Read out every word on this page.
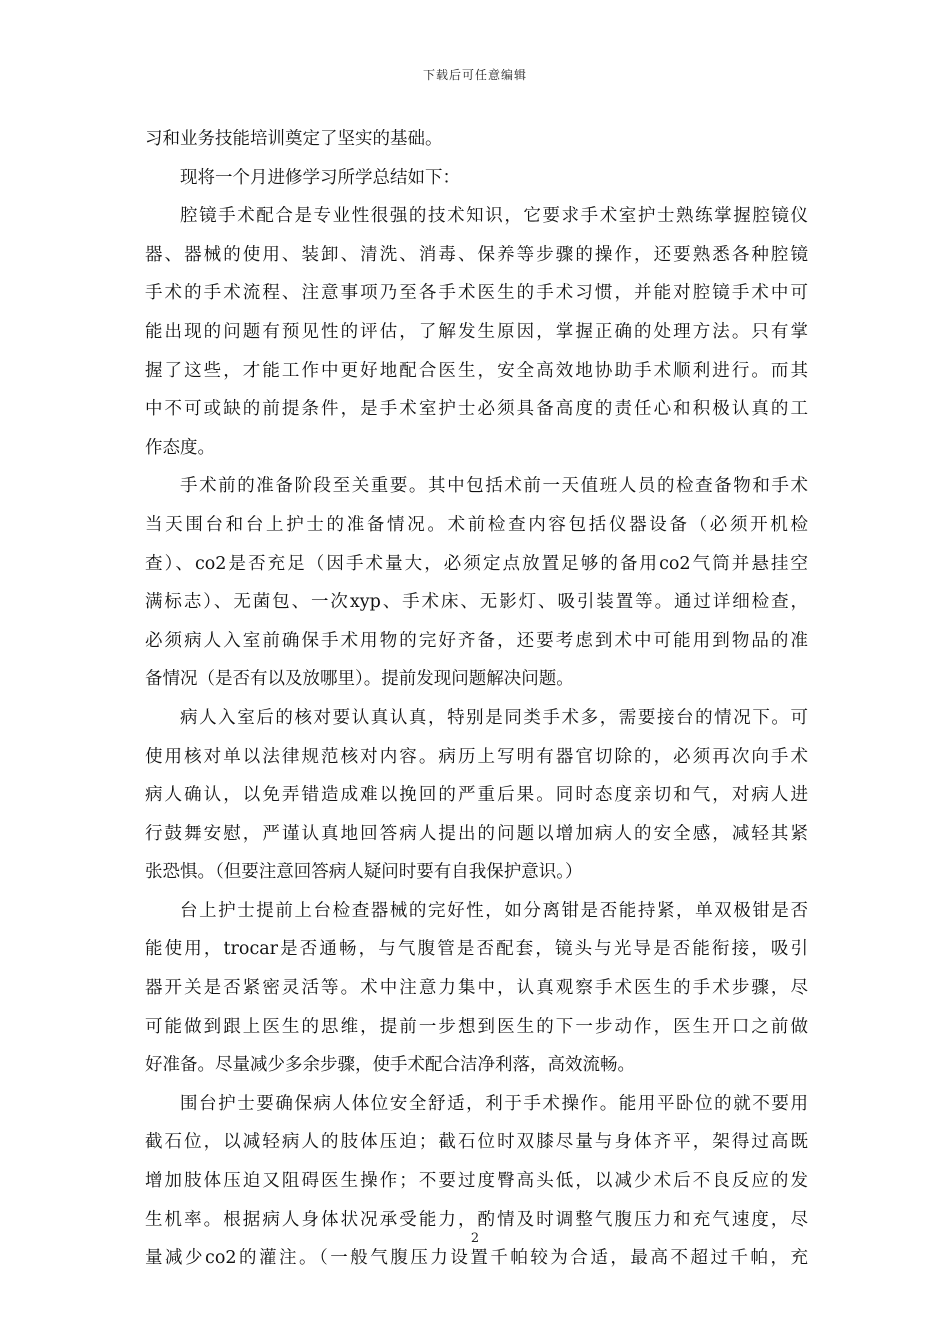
下载后可任意编辑
习和业务技能培训奠定了坚实的基础。
现将一个月进修学习所学总结如下：
腔镜手术配合是专业性很强的技术知识，它要求手术室护士熟练掌握腔镜仪
器、器械的使用、装卸、清洗、消毒、保养等步骤的操作，还要熟悉各种腔镜
手术的手术流程、注意事项乃至各手术医生的手术习惯，并能对腔镜手术中可
能出现的问题有预见性的评估，了解发生原因，掌握正确的处理方法。只有掌
握了这些，才能工作中更好地配合医生，安全高效地协助手术顺利进行。而其
中不可或缺的前提条件，是手术室护士必须具备高度的责任心和积极认真的工
作态度。
手术前的准备阶段至关重要。其中包括术前一天值班人员的检查备物和手术
当天围台和台上护士的准备情况。术前检查内容包括仪器设备（必须开机检
查）、co2是否充足（因手术量大，必须定点放置足够的备用co2气筒并悬挂空
满标志）、无菌包、一次xyp、手术床、无影灯、吸引装置等。通过详细检查，
必须病人入室前确保手术用物的完好齐备，还要考虑到术中可能用到物品的准
备情况（是否有以及放哪里）。提前发现问题解决问题。
病人入室后的核对要认真认真，特别是同类手术多，需要接台的情况下。可
使用核对单以法律规范核对内容。病历上写明有器官切除的，必须再次向手术
病人确认，以免弄错造成难以挽回的严重后果。同时态度亲切和气，对病人进
行鼓舞安慰，严谨认真地回答病人提出的问题以增加病人的安全感，减轻其紧
张恐惧。（但要注意回答病人疑问时要有自我保护意识。）
台上护士提前上台检查器械的完好性，如分离钳是否能持紧，单双极钳是否
能使用，trocar是否通畅，与气腹管是否配套，镜头与光导是否能衔接，吸引
器开关是否紧密灵活等。术中注意力集中，认真观察手术医生的手术步骤，尽
可能做到跟上医生的思维，提前一步想到医生的下一步动作，医生开口之前做
好准备。尽量减少多余步骤，使手术配合洁净利落，高效流畅。
围台护士要确保病人体位安全舒适，利于手术操作。能用平卧位的就不要用
截石位，以减轻病人的肢体压迫；截石位时双膝尽量与身体齐平，架得过高既
增加肢体压迫又阻碍医生操作；不要过度臀高头低，以减少术后不良反应的发
生机率。根据病人身体状况承受能力，酌情及时调整气腹压力和充气速度，尽
量减少co2的灌注。（一般气腹压力设置千帕较为合适，最高不超过千帕，充
2
